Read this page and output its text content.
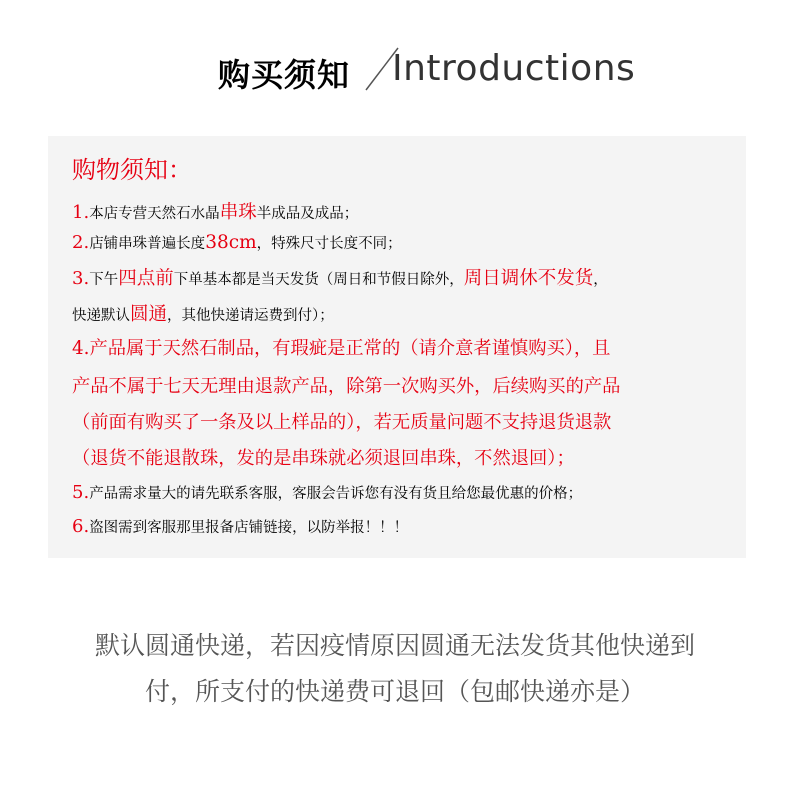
购买须知 Introductions
购物须知：
1.本店专营天然石水晶串珠半成品及成品；
2.店铺串珠普遍长度38cm，特殊尺寸长度不同；
3.下午四点前下单基本都是当天发货（周日和节假日除外，周日调休不发货，
快递默认圆通，其他快递请运费到付）；
4.产品属于天然石制品，有瑕疵是正常的（请介意者谨慎购买），且
产品不属于七天无理由退款产品，除第一次购买外，后续购买的产品
（前面有购买了一条及以上样品的），若无质量问题不支持退货退款
（退货不能退散珠，发的是串珠就必须退回串珠，不然退回）；
5.产品需求量大的请先联系客服，客服会告诉您有没有货且给您最优惠的价格；
6.盗图需到客服那里报备店铺链接，以防举报！！！
默认圆通快递，若因疫情原因圆通无法发货其他快递到
付，所支付的快递费可退回（包邮快递亦是）
